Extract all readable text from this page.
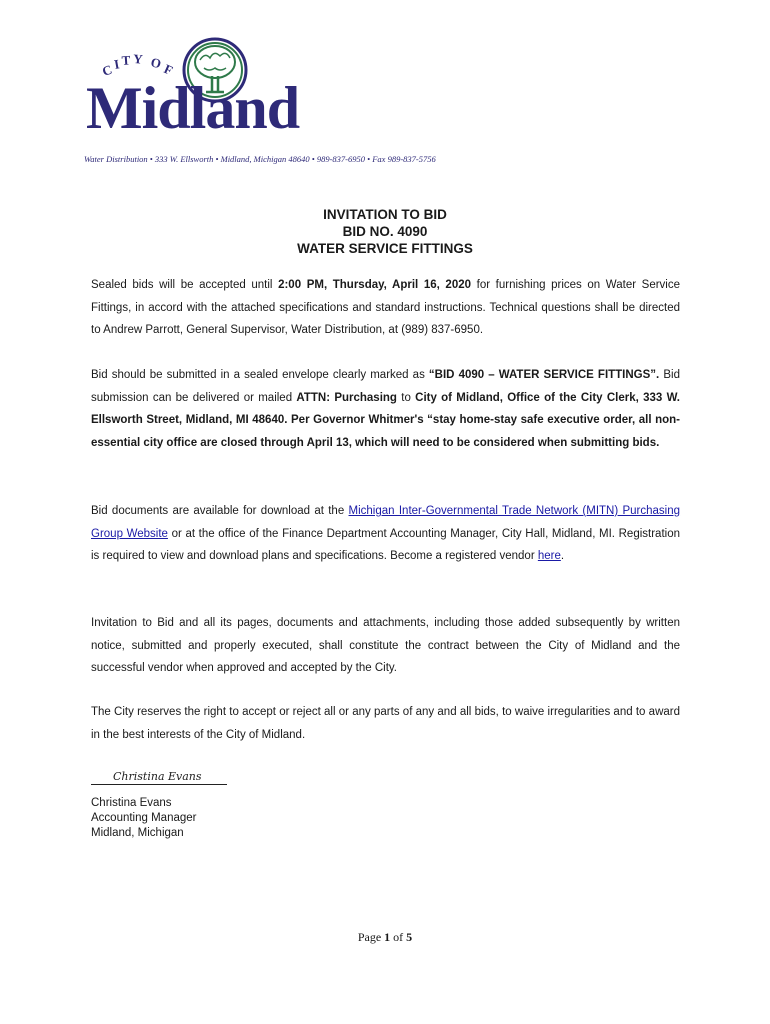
C I T Y O F
Midland
Water Distribution • 333 W. Ellsworth • Midland, Michigan 48640 • 989-837-6950 • Fax 989-837-5756
INVITATION TO BID
BID NO. 4090
WATER SERVICE FITTINGS
Sealed bids will be accepted until 2:00 PM, Thursday, April 16, 2020 for furnishing prices on Water Service Fittings, in accord with the attached specifications and standard instructions. Technical questions shall be directed to Andrew Parrott, General Supervisor, Water Distribution, at (989) 837-6950.
Bid should be submitted in a sealed envelope clearly marked as “BID 4090 – WATER SERVICE FITTINGS”. Bid submission can be delivered or mailed ATTN: Purchasing to City of Midland, Office of the City Clerk, 333 W. Ellsworth Street, Midland, MI 48640. Per Governor Whitmer's “stay home-stay safe executive order, all non-essential city office are closed through April 13, which will need to be considered when submitting bids.
Bid documents are available for download at the Michigan Inter-Governmental Trade Network (MITN) Purchasing Group Website or at the office of the Finance Department Accounting Manager, City Hall, Midland, MI. Registration is required to view and download plans and specifications. Become a registered vendor here.
Invitation to Bid and all its pages, documents and attachments, including those added subsequently by written notice, submitted and properly executed, shall constitute the contract between the City of Midland and the successful vendor when approved and accepted by the City.
The City reserves the right to accept or reject all or any parts of any and all bids, to waive irregularities and to award in the best interests of the City of Midland.
Christina Evans
Christina Evans
Accounting Manager
Midland, Michigan
Page 1 of 5
